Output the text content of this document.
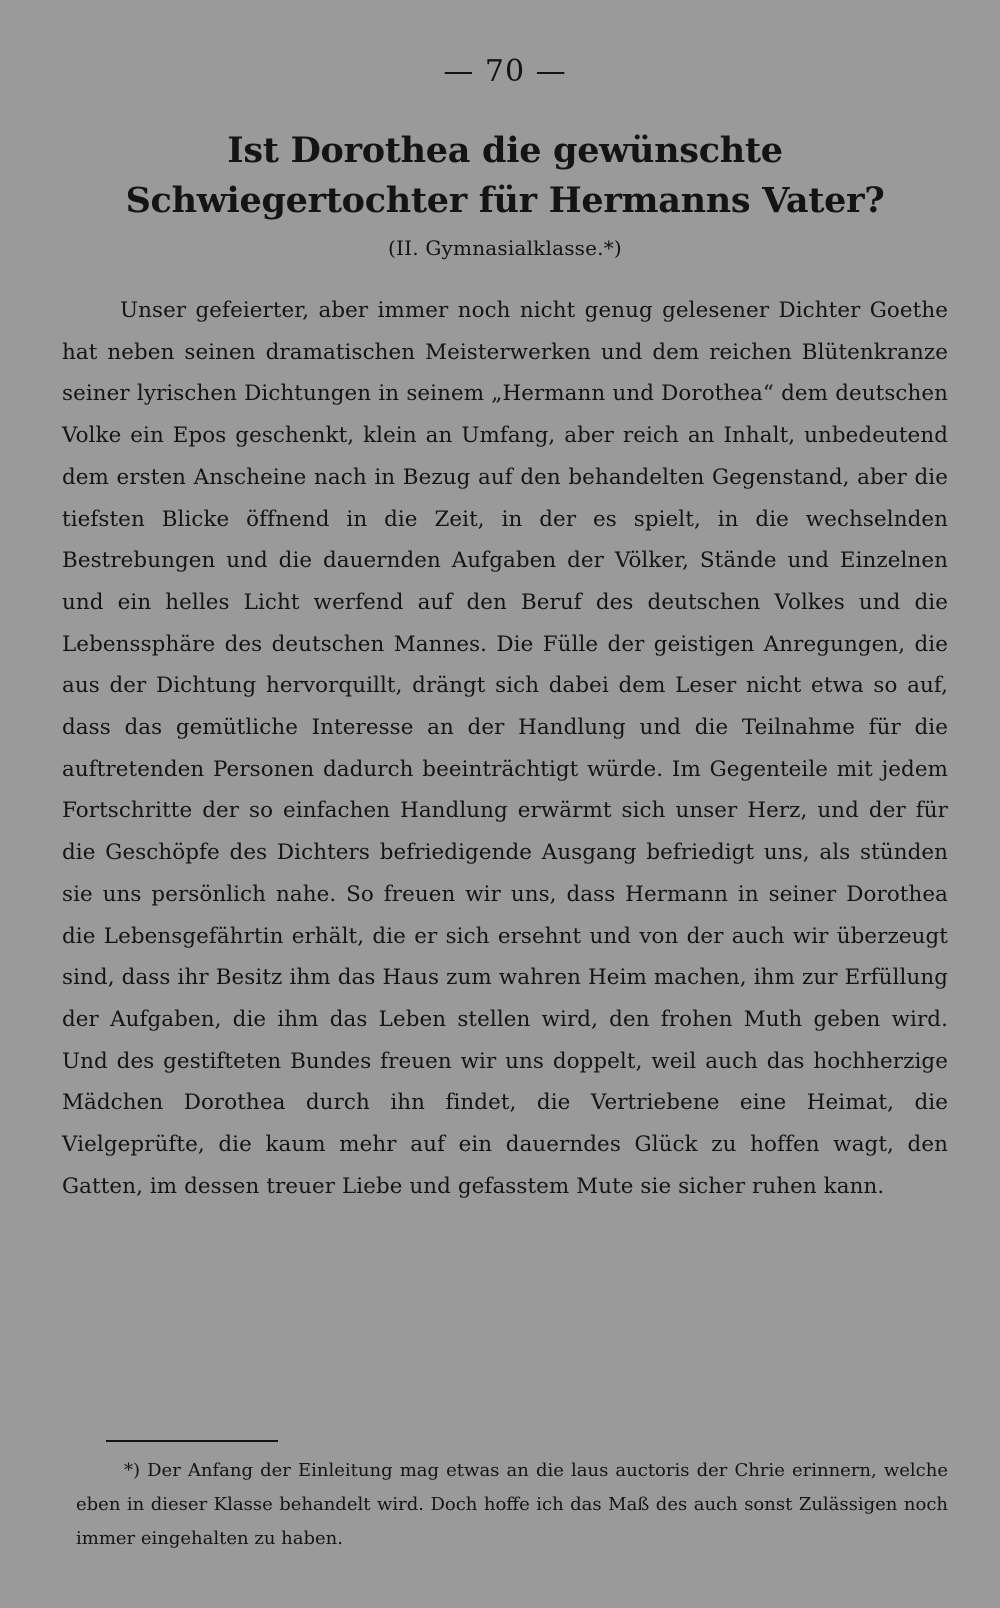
— 70 —
Ist Dorothea die gewünschte Schwiegertochter für Hermanns Vater?
(II. Gymnasialklasse.*)

Unser gefeierter, aber immer noch nicht genug gelesener Dichter Goethe hat neben seinen dramatischen Meisterwerken und dem reichen Blütenkranze seiner lyrischen Dichtungen in seinem „Hermann und Dorothea“ dem deutschen Volke ein Epos geschenkt, klein an Umfang, aber reich an Inhalt, unbedeutend dem ersten Anscheine nach in Bezug auf den behandelten Gegenstand, aber die tiefsten Blicke öffnend in die Zeit, in der es spielt, in die wechselnden Bestrebungen und die dauernden Aufgaben der Völker, Stände und Einzelnen und ein helles Licht werfend auf den Beruf des deutschen Volkes und die Lebenssphäre des deutschen Mannes. Die Fülle der geistigen Anregungen, die aus der Dichtung hervorquillt, drängt sich dabei dem Leser nicht etwa so auf, dass das gemütliche Interesse an der Handlung und die Teilnahme für die auftretenden Personen dadurch beeinträchtigt würde. Im Gegenteile mit jedem Fortschritte der so einfachen Handlung erwärmt sich unser Herz, und der für die Geschöpfe des Dichters befriedigende Ausgang befriedigt uns, als stünden sie uns persönlich nahe. So freuen wir uns, dass Hermann in seiner Dorothea die Lebensgefährtin erhält, die er sich ersehnt und von der auch wir überzeugt sind, dass ihr Besitz ihm das Haus zum wahren Heim machen, ihm zur Erfüllung der Aufgaben, die ihm das Leben stellen wird, den frohen Muth geben wird. Und des gestifteten Bundes freuen wir uns doppelt, weil auch das hochherzige Mädchen Dorothea durch ihn findet, die Vertriebene eine Heimat, die Vielgeprüfte, die kaum mehr auf ein dauerndes Glück zu hoffen wagt, den Gatten, im dessen treuer Liebe und gefasstem Mute sie sicher ruhen kann.

*) Der Anfang der Einleitung mag etwas an die laus auctoris der Chrie erinnern, welche eben in dieser Klasse behandelt wird. Doch hoffe ich das Maß des auch sonst Zulässigen noch immer eingehalten zu haben.
